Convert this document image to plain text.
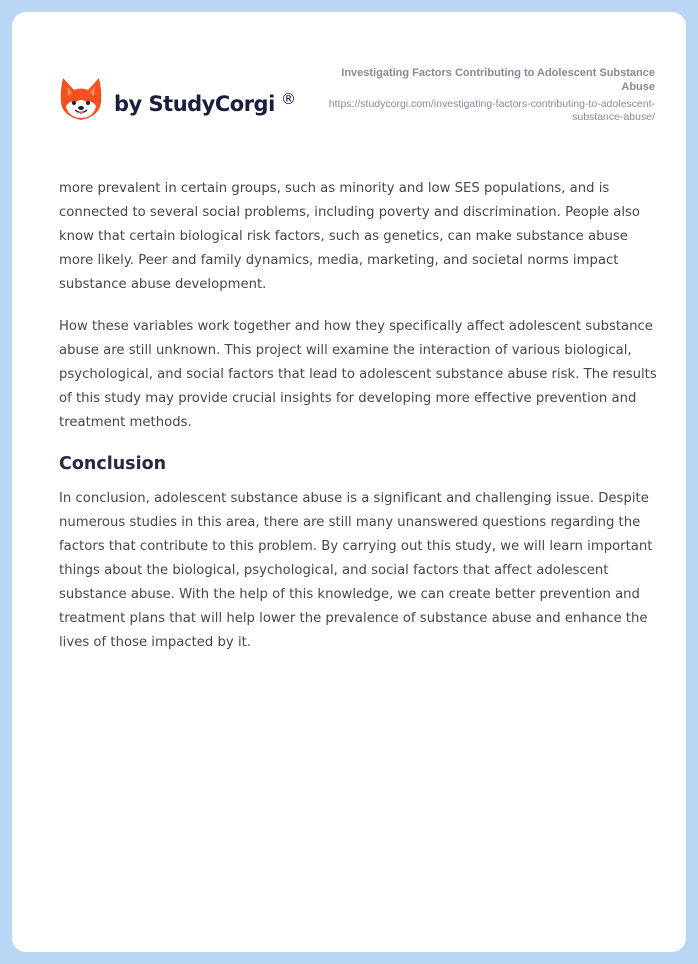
by StudyCorgi ®
Investigating Factors Contributing to Adolescent Substance Abuse
https://studycorgi.com/investigating-factors-contributing-to-adolescent-substance-abuse/

more prevalent in certain groups, such as minority and low SES populations, and is connected to several social problems, including poverty and discrimination. People also know that certain biological risk factors, such as genetics, can make substance abuse more likely. Peer and family dynamics, media, marketing, and societal norms impact substance abuse development.

How these variables work together and how they specifically affect adolescent substance abuse are still unknown. This project will examine the interaction of various biological, psychological, and social factors that lead to adolescent substance abuse risk. The results of this study may provide crucial insights for developing more effective prevention and treatment methods.

Conclusion

In conclusion, adolescent substance abuse is a significant and challenging issue. Despite numerous studies in this area, there are still many unanswered questions regarding the factors that contribute to this problem. By carrying out this study, we will learn important things about the biological, psychological, and social factors that affect adolescent substance abuse. With the help of this knowledge, we can create better prevention and treatment plans that will help lower the prevalence of substance abuse and enhance the lives of those impacted by it.
